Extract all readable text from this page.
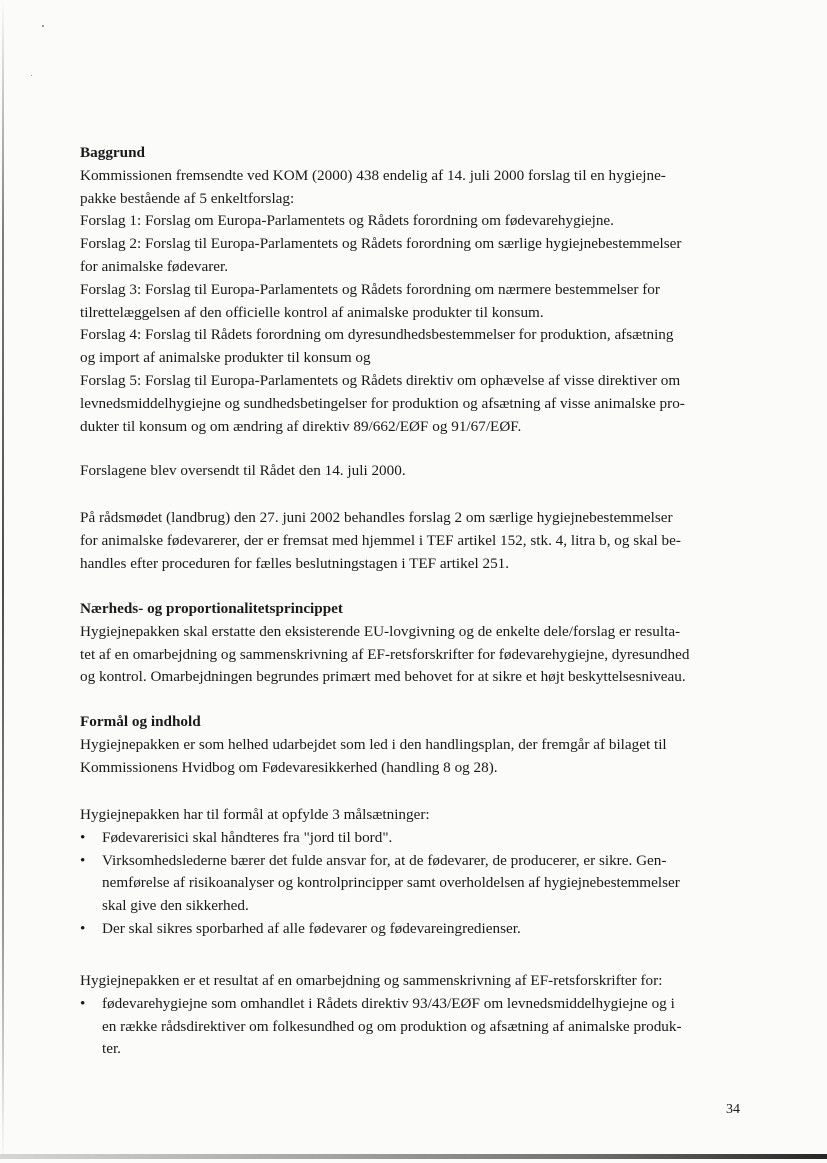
Baggrund

Kommissionen fremsendte ved KOM (2000) 438 endelig af 14. juli 2000 forslag til en hygiejne-

pakke bestående af 5 enkeltforslag:

Forslag 1: Forslag om Europa-Parlamentets og Rådets forordning om fødevarehygiejne.

Forslag 2: Forslag til Europa-Parlamentets og Rådets forordning om særlige hygiejnebestemmelser

for animalske fødevarer.

Forslag 3: Forslag til Europa-Parlamentets og Rådets forordning om nærmere bestemmelser for

tilrettelæggelsen af den officielle kontrol af animalske produkter til konsum.

Forslag 4: Forslag til Rådets forordning om dyresundhedsbestemmelser for produktion, afsætning

og import af animalske produkter til konsum og

Forslag 5: Forslag til Europa-Parlamentets og Rådets direktiv om ophævelse af visse direktiver om

levnedsmiddelhygiejne og sundhedsbetingelser for produktion og afsætning af visse animalske pro-

dukter til konsum og om ændring af direktiv 89/662/EØF og 91/67/EØF.

Forslagene blev oversendt til Rådet den 14. juli 2000.

På rådsmødet (landbrug) den 27. juni 2002 behandles forslag 2 om særlige hygiejnebestemmelser

for animalske fødevarerer, der er fremsat med hjemmel i TEF artikel 152, stk. 4, litra b, og skal be-

handles efter proceduren for fælles beslutningstagen i TEF artikel 251.

Nærheds- og proportionalitetsprincippet

Hygiejnepakken skal erstatte den eksisterende EU-lovgivning og de enkelte dele/forslag er resulta-

tet af en omarbejdning og sammenskrivning af EF-retsforskrifter for fødevarehygiejne, dyresundhed

og kontrol. Omarbejdningen begrundes primært med behovet for at sikre et højt beskyttelsesniveau.

Formål og indhold

Hygiejnepakken er som helhed udarbejdet som led i den handlingsplan, der fremgår af bilaget til

Kommissionens Hvidbog om Fødevaresikkerhed (handling 8 og 28).

Hygiejnepakken har til formål at opfylde 3 målsætninger:

• Fødevarerisici skal håndteres fra "jord til bord".
• Virksomhedslederne bærer det fulde ansvar for, at de fødevarer, de producerer, er sikre. Gen-
nemførelse af risikoanalyser og kontrolprincipper samt overholdelsen af hygiejnebestemmelser
skal give den sikkerhed.
• Der skal sikres sporbarhed af alle fødevarer og fødevareingredienser.

Hygiejnepakken er et resultat af en omarbejdning og sammenskrivning af EF-retsforskrifter for:

• fødevarehygiejne som omhandlet i Rådets direktiv 93/43/EØF om levnedsmiddelhygiejne og i
en række rådsdirektiver om folkesundhed og om produktion og afsætning af animalske produk-
ter.
34
